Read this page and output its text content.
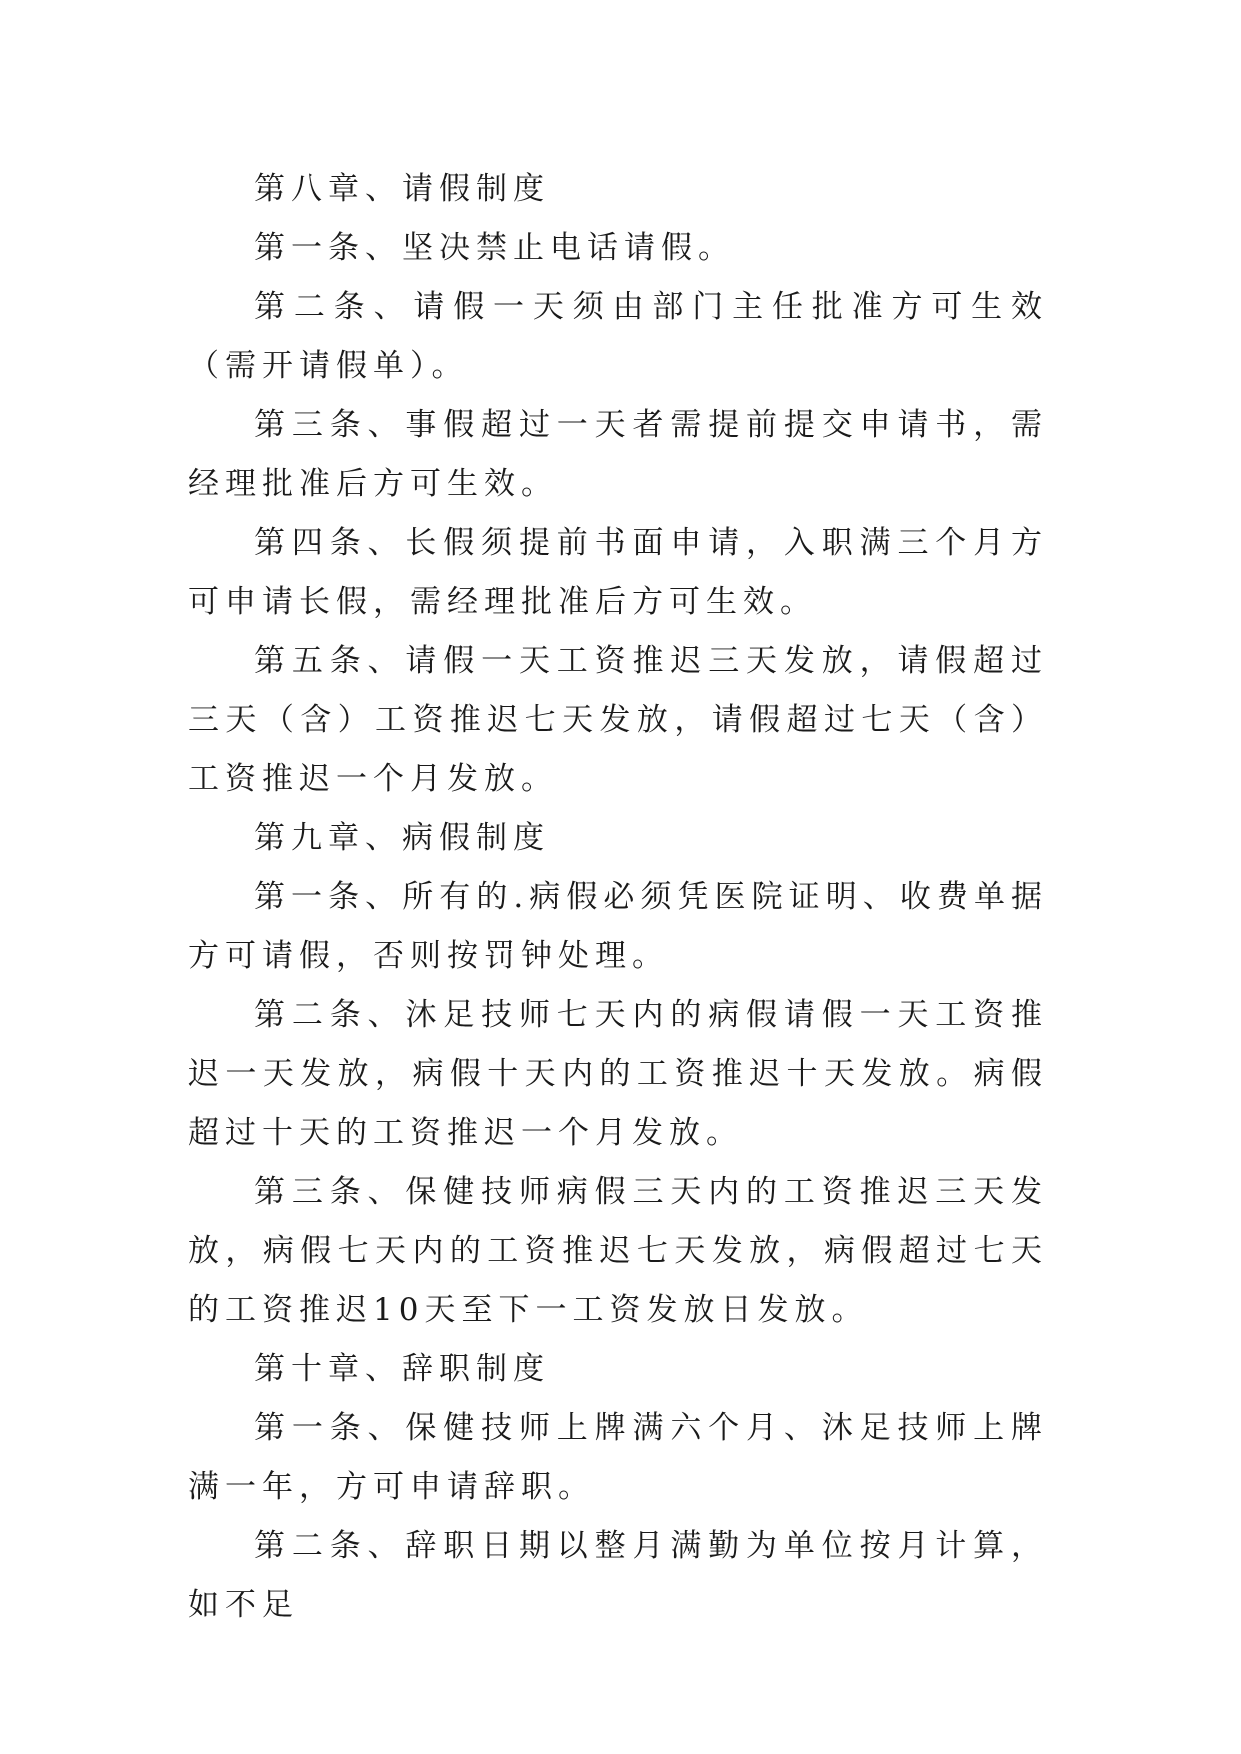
第八章、请假制度

第一条、坚决禁止电话请假。

第二条、请假一天须由部门主任批准方可生效（需开请假单）。

第三条、事假超过一天者需提前提交申请书，需经理批准后方可生效。

第四条、长假须提前书面申请，入职满三个月方可申请长假，需经理批准后方可生效。

第五条、请假一天工资推迟三天发放，请假超过三天（含）工资推迟七天发放，请假超过七天（含）工资推迟一个月发放。

第九章、病假制度

第一条、所有的.病假必须凭医院证明、收费单据方可请假，否则按罚钟处理。

第二条、沐足技师七天内的病假请假一天工资推迟一天发放，病假十天内的工资推迟十天发放。病假超过十天的工资推迟一个月发放。

第三条、保健技师病假三天内的工资推迟三天发放，病假七天内的工资推迟七天发放，病假超过七天的工资推迟10天至下一工资发放日发放。

第十章、辞职制度

第一条、保健技师上牌满六个月、沐足技师上牌满一年，方可申请辞职。

第二条、辞职日期以整月满勤为单位按月计算，如不足
